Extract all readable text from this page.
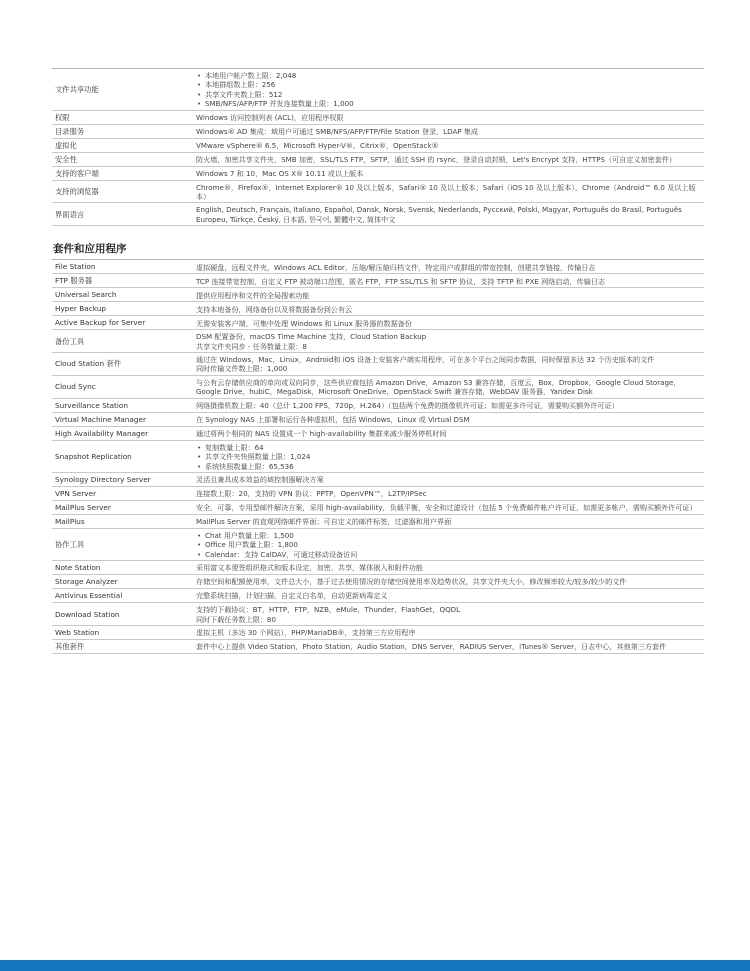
文件共享功能
• 本地用户帐户数上限：2,048
• 本地群组数上限：256
• 共享文件夹数上限：512
• SMB/NFS/AFP/FTP 并发连接数量上限：1,000
权限	Windows 访问控制列表 (ACL)，应用程序权限
目录服务	Windows® AD 集成：域用户可通过 SMB/NFS/AFP/FTP/File Station 登录，LDAP 集成
虚拟化	VMware vSphere® 6.5，Microsoft Hyper-V®，Citrix®，OpenStack®
安全性	防火墙，加密共享文件夹，SMB 加密，SSL/TLS FTP，SFTP，通过 SSH 的 rsync，登录自动封锁，Let's Encrypt 支持，HTTPS（可自定义加密套件）
支持的客户端	Windows 7 和 10，Mac OS X® 10.11 或以上版本
支持的浏览器	Chrome®，Firefox®，Internet Explorer® 10 及以上版本，Safari® 10 及以上版本；Safari（iOS 10 及以上版本），Chrome（Android™ 6.0 及以上版本）
界面语言	English, Deutsch, Français, Italiano, Español, Dansk, Norsk, Svensk, Nederlands, Русский, Polski, Magyar, Português do Brasil, Português Europeu, Türkçe, Český, 日本語, 한국어, 繁體中文, 简体中文
套件和应用程序
File Station	虚拟硬盘，远程文件夹，Windows ACL Editor，压缩/解压缩归档文件，特定用户或群组的带宽控制，创建共享链接，传输日志
FTP 服务器	TCP 连接带宽控制，自定义 FTP 被动端口范围，匿名 FTP，FTP SSL/TLS 和 SFTP 协议，支持 TFTP 和 PXE 网络启动，传输日志
Universal Search	提供应用程序和文件的全局搜索功能
Hyper Backup	支持本地备份，网络备份以及将数据备份到公有云
Active Backup for Server	无需安装客户端，可集中处理 Windows 和 Linux 服务器的数据备份
备份工具	DSM 配置备份，macOS Time Machine 支持，Cloud Station Backup
共享文件夹同步 - 任务数量上限：8
Cloud Station 套件	通过在 Windows，Mac，Linux，Android和 iOS 设备上安装客户端实用程序，可在多个平台之间同步数据，同时保留多达 32 个历史版本的文件
同时传输文件数上限：1,000
Cloud Sync	与公有云存储供应商的单向或双向同步，这些供应商包括 Amazon Drive，Amazon S3 兼容存储，百度云，Box，Dropbox，Google Cloud Storage，Google Drive，hubiC，MegaDisk，Microsoft OneDrive，OpenStack Swift 兼容存储，WebDAV 服务器，Yandex Disk
Surveillance Station	网络摄像机数上限：40（总计 1,200 FPS，720p，H.264）（包括两个免费的摄像机许可证；如需更多许可证，需要购买额外许可证）
Virtual Machine Manager	在 Synology NAS 上部署和运行各种虚拟机，包括 Windows，Linux 或 Virtual DSM
High Availability Manager	通过将两个相同的 NAS 设置成一个 high-availability 集群来减少服务停机时间
Snapshot Replication
• 复制数量上限：64
• 共享文件夹快照数量上限：1,024
• 系统快照数量上限：65,536
Synology Directory Server	灵活且兼具成本效益的域控制器解决方案
VPN Server	连接数上限：20，支持的 VPN 协议：PPTP，OpenVPN™，L2TP/IPSec
MailPlus Server	安全，可靠，专用型邮件解决方案，采用 high-availability，负载平衡，安全和过滤设计（包括 5 个免费邮件帐户许可证，如需更多帐户，需购买额外许可证）
MailPlus	MailPlus Server 的直观网络邮件界面；可自定义的邮件标签，过滤器和用户界面
协作工具
• Chat 用户数量上限：1,500
• Office 用户数量上限：1,800
• Calendar：支持 CalDAV，可通过移动设备访问
Note Station	采用富文本便签组织格式和版本设定，加密，共享，媒体嵌入和附件功能
Storage Analyzer	存储空间和配额使用率，文件总大小，基于过去使用情况的存储空间使用率及趋势状况，共享文件夹大小，修改频率较大/较多/较少的文件
Antivirus Essential	完整系统扫描，计划扫描，自定义白名单，自动更新病毒定义
Download Station	支持的下载协议：BT，HTTP，FTP，NZB，eMule，Thunder，FlashGet，QQDL
同时下载任务数上限：80
Web Station	虚拟主机（多达 30 个网站），PHP/MariaDB®，支持第三方应用程序
其他套件	套件中心上提供 Video Station，Photo Station，Audio Station，DNS Server，RADIUS Server，iTunes® Server，日志中心，其他第三方套件
